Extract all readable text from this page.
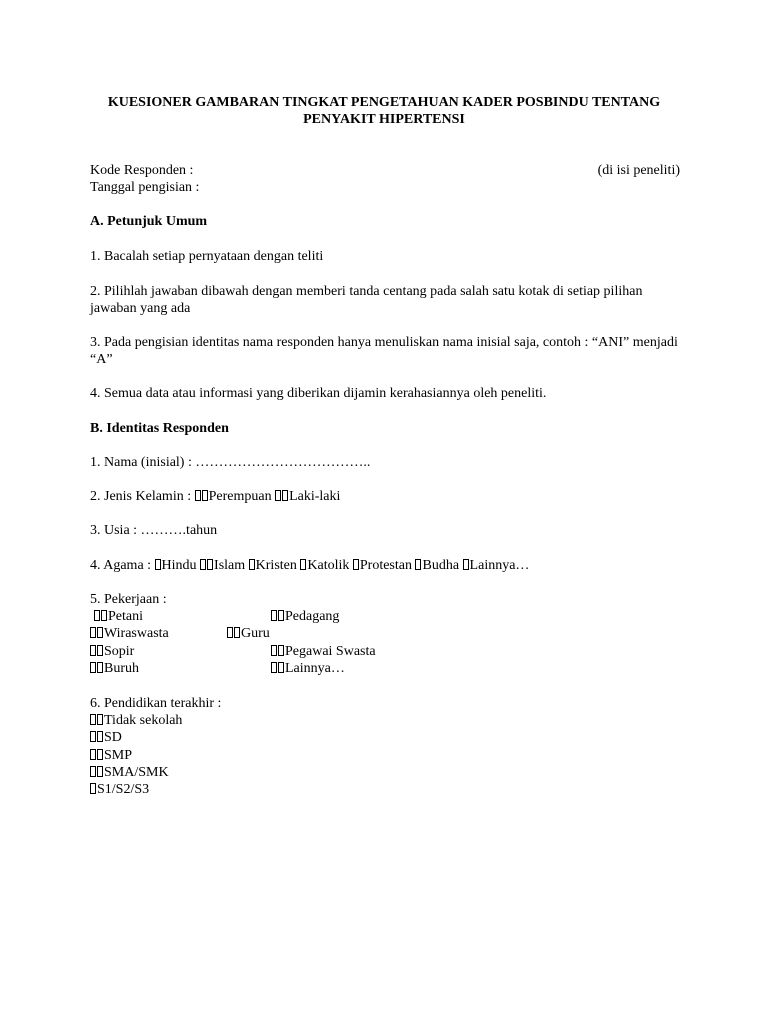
KUESIONER GAMBARAN TINGKAT PENGETAHUAN KADER POSBINDU TENTANG
PENYAKIT HIPERTENSI
Kode Responden :	(di isi peneliti)
Tanggal pengisian :
A. Petunjuk Umum
1. Bacalah setiap pernyataan dengan teliti
2. Pilihlah jawaban dibawah dengan memberi tanda centang pada salah satu kotak di setiap pilihan jawaban yang ada
3. Pada pengisian identitas nama responden hanya menuliskan nama inisial saja, contoh : “ANI” menjadi “A”
4. Semua data atau informasi yang diberikan dijamin kerahasiannya oleh peneliti.
B. Identitas Responden
1. Nama (inisial) : ………………………………..
2. Jenis Kelamin : Perempuan Laki-laki
3. Usia : ……….tahun
4. Agama : Hindu Islam Kristen Katolik Protestan Budha Lainnya…
5. Pekerjaan :
Petani	Pedagang
Wiraswasta	Guru
Sopir	Pegawai Swasta
Buruh	Lainnya…
6. Pendidikan terakhir :
Tidak sekolah
SD
SMP
SMA/SMK
S1/S2/S3
